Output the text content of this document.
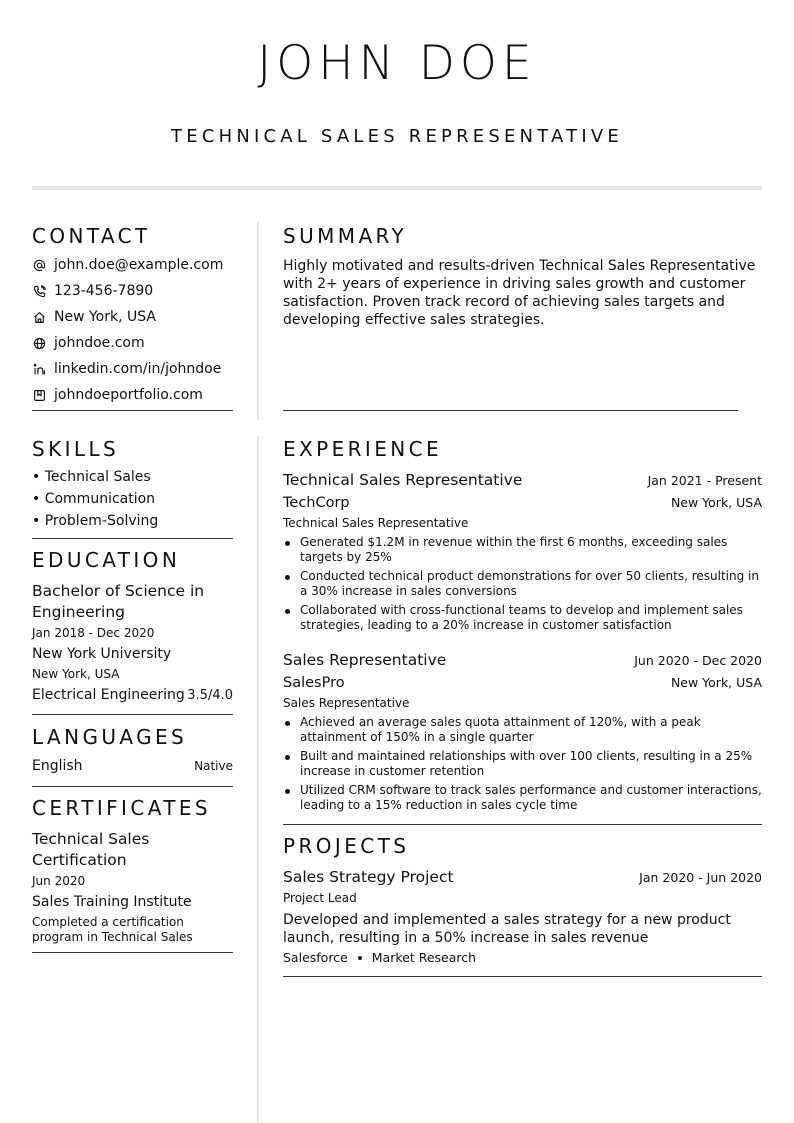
JOHN DOE
TECHNICAL SALES REPRESENTATIVE
CONTACT
john.doe@example.com
123-456-7890
New York, USA
johndoe.com
linkedin.com/in/johndoe
johndoeportfolio.com
SKILLS
• Technical Sales
• Communication
• Problem-Solving
EDUCATION
Bachelor of Science in Engineering
Jan 2018 - Dec 2020
New York University
New York, USA
Electrical Engineering 3.5/4.0
LANGUAGES
English	Native
CERTIFICATES
Technical Sales Certification
Jun 2020
Sales Training Institute
Completed a certification program in Technical Sales
SUMMARY
Highly motivated and results-driven Technical Sales Representative with 2+ years of experience in driving sales growth and customer satisfaction. Proven track record of achieving sales targets and developing effective sales strategies.
EXPERIENCE
Technical Sales Representative	Jan 2021 - Present
TechCorp	New York, USA
Technical Sales Representative
Generated $1.2M in revenue within the first 6 months, exceeding sales targets by 25%
Conducted technical product demonstrations for over 50 clients, resulting in a 30% increase in sales conversions
Collaborated with cross-functional teams to develop and implement sales strategies, leading to a 20% increase in customer satisfaction
Sales Representative	Jun 2020 - Dec 2020
SalesPro	New York, USA
Sales Representative
Achieved an average sales quota attainment of 120%, with a peak attainment of 150% in a single quarter
Built and maintained relationships with over 100 clients, resulting in a 25% increase in customer retention
Utilized CRM software to track sales performance and customer interactions, leading to a 15% reduction in sales cycle time
PROJECTS
Sales Strategy Project	Jan 2020 - Jun 2020
Project Lead
Developed and implemented a sales strategy for a new product launch, resulting in a 50% increase in sales revenue
Salesforce Market Research
